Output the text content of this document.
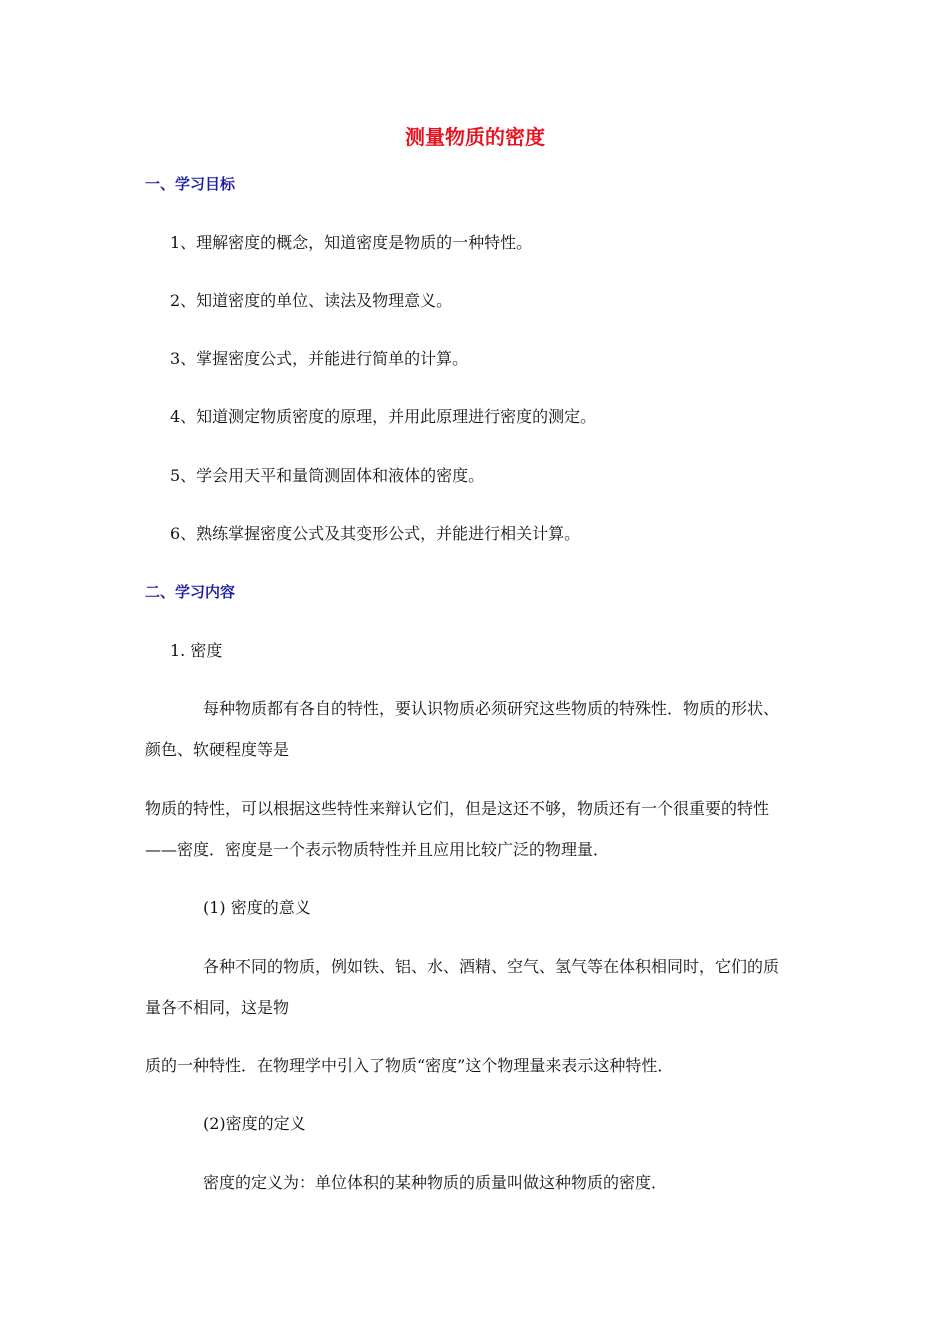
测量物质的密度
一、学习目标
1、理解密度的概念，知道密度是物质的一种特性。
2、知道密度的单位、读法及物理意义。
3、掌握密度公式，并能进行简单的计算。
4、知道测定物质密度的原理，并用此原理进行密度的测定。
5、学会用天平和量筒测固体和液体的密度。
6、熟练掌握密度公式及其变形公式，并能进行相关计算。
二、学习内容
1. 密度
每种物质都有各自的特性，要认识物质必须研究这些物质的特殊性．物质的形状、
颜色、软硬程度等是
物质的特性，可以根据这些特性来辩认它们，但是这还不够，物质还有一个很重要的特性
——密度．密度是一个表示物质特性并且应用比较广泛的物理量．
(1) 密度的意义
各种不同的物质，例如铁、铝、水、酒精、空气、氢气等在体积相同时，它们的质
量各不相同，这是物
质的一种特性．在物理学中引入了物质“密度”这个物理量来表示这种特性．
(2)密度的定义
密度的定义为：单位体积的某种物质的质量叫做这种物质的密度．
